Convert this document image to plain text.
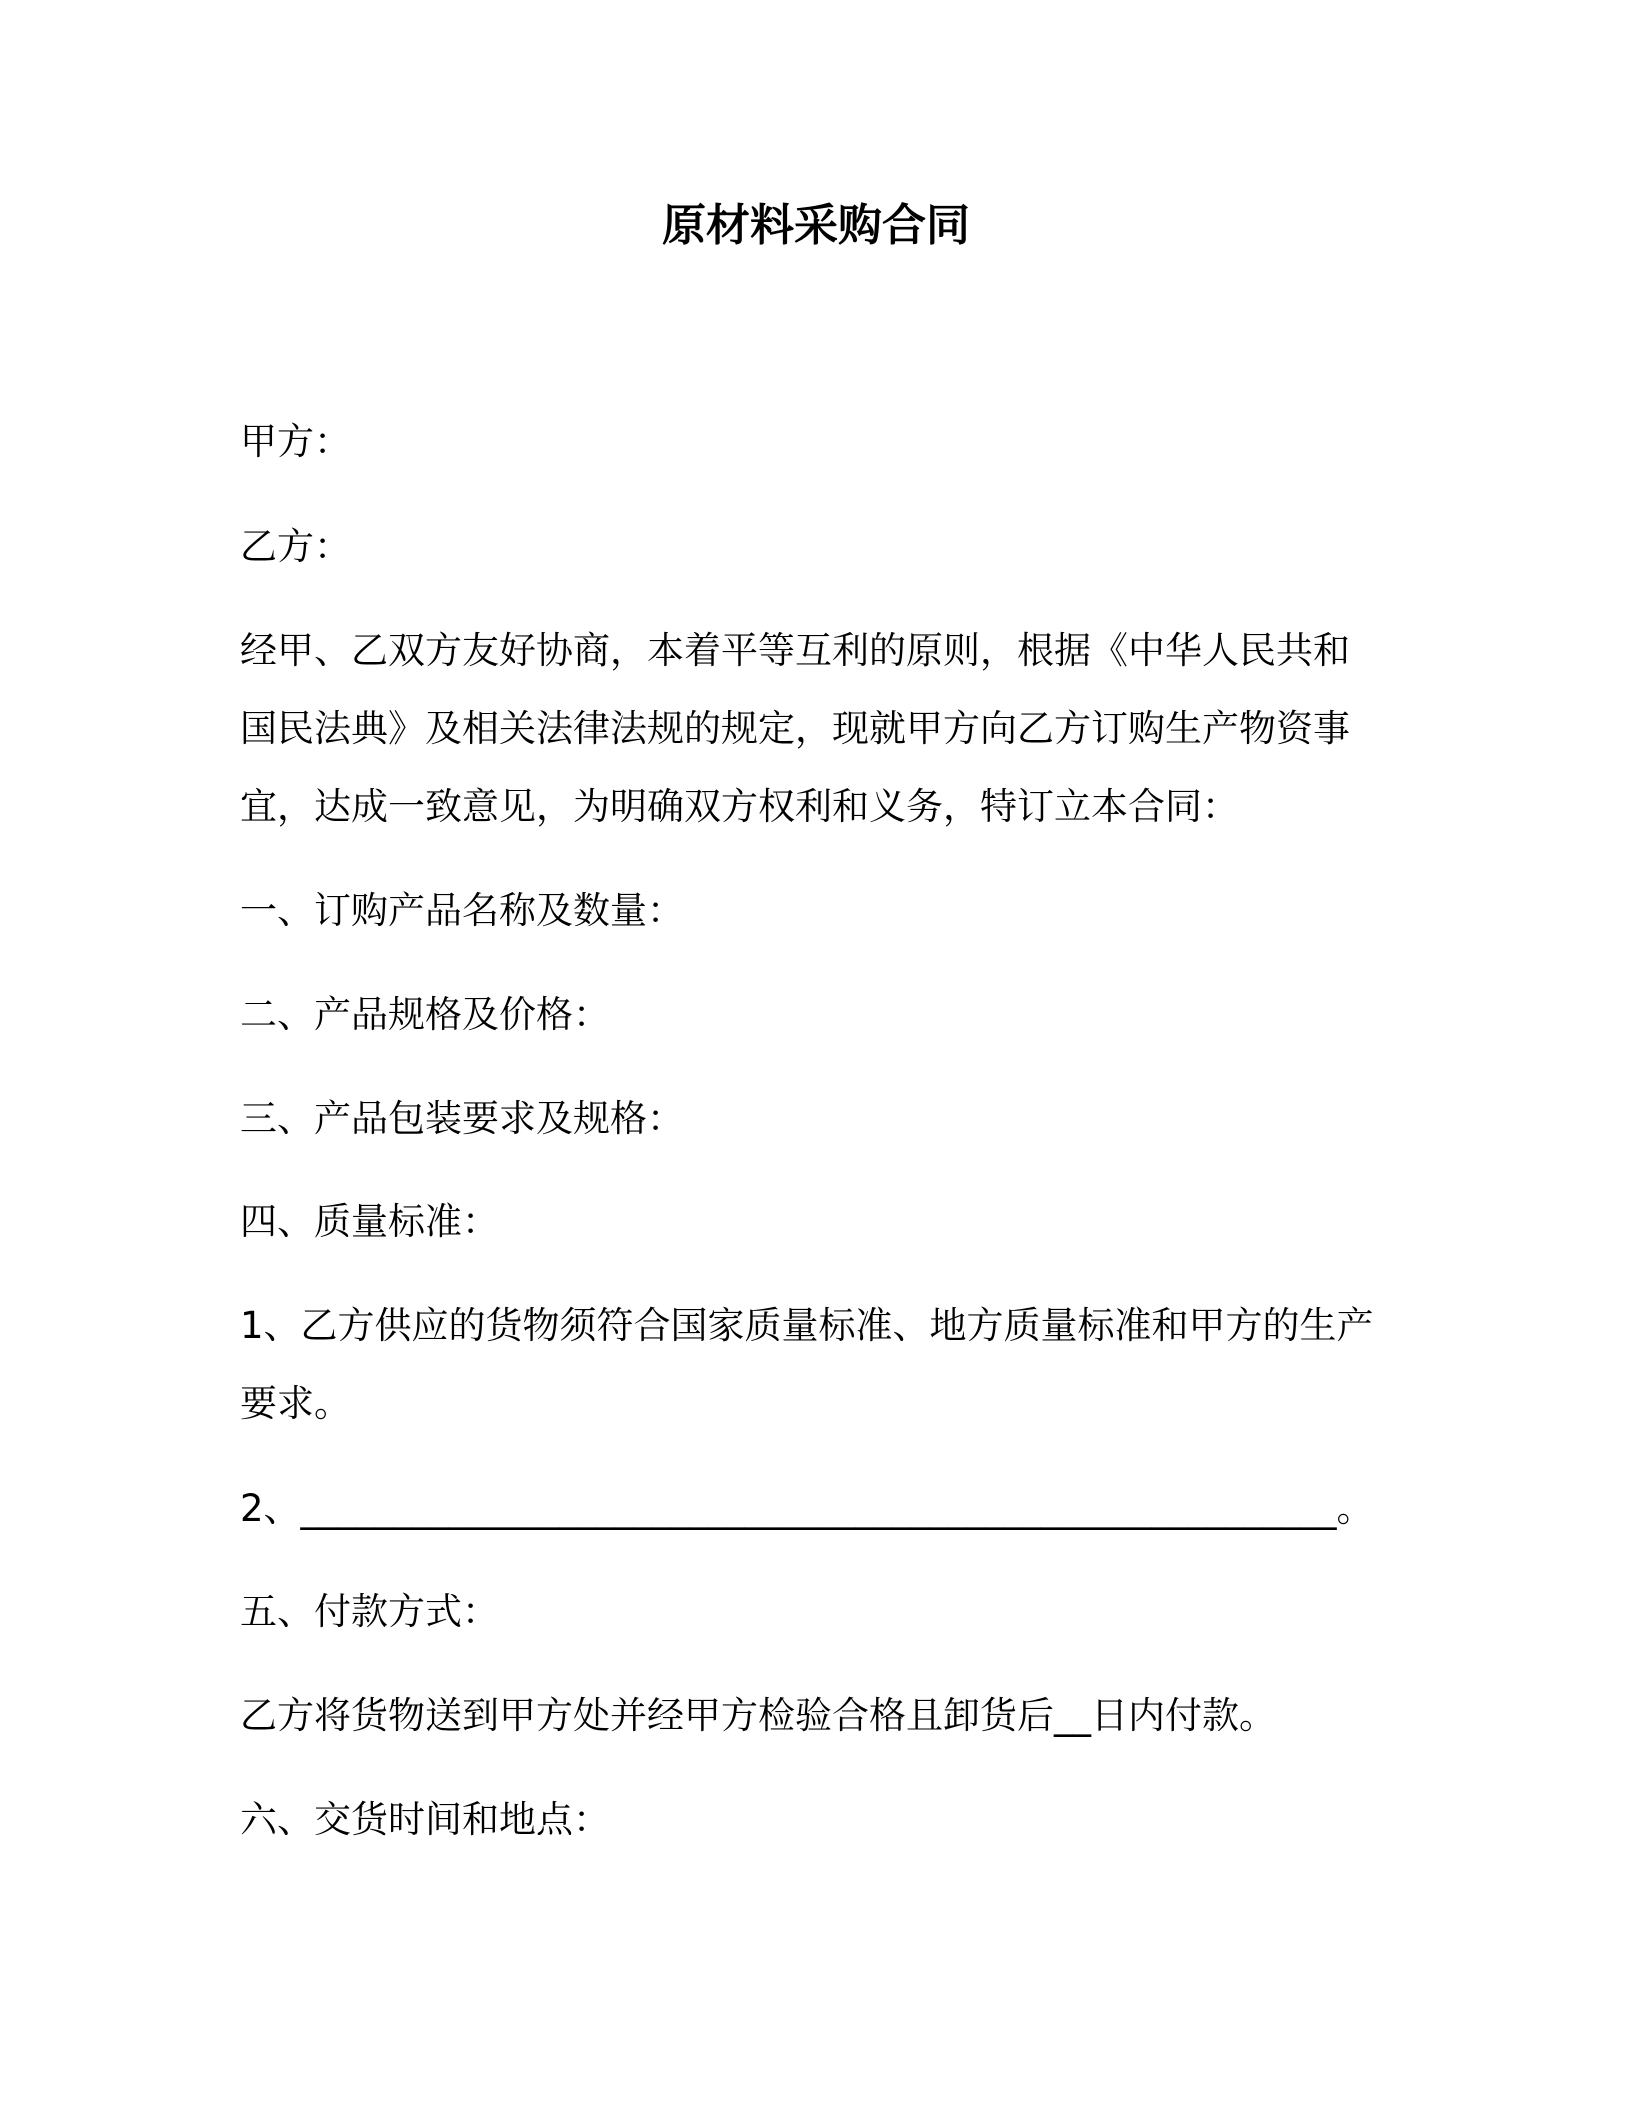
原材料采购合同
甲方：
乙方：
经甲、乙双方友好协商，本着平等互利的原则，根据《中华人民共和
国民法典》及相关法律法规的规定，现就甲方向乙方订购生产物资事
宜，达成一致意见，为明确双方权利和义务，特订立本合同：
一、订购产品名称及数量：
二、产品规格及价格：
三、产品包装要求及规格：
四、质量标准：
1、乙方供应的货物须符合国家质量标准、地方质量标准和甲方的生产
要求。
2、________________________________________________________。
五、付款方式：
乙方将货物送到甲方处并经甲方检验合格且卸货后__日内付款。
六、交货时间和地点：
